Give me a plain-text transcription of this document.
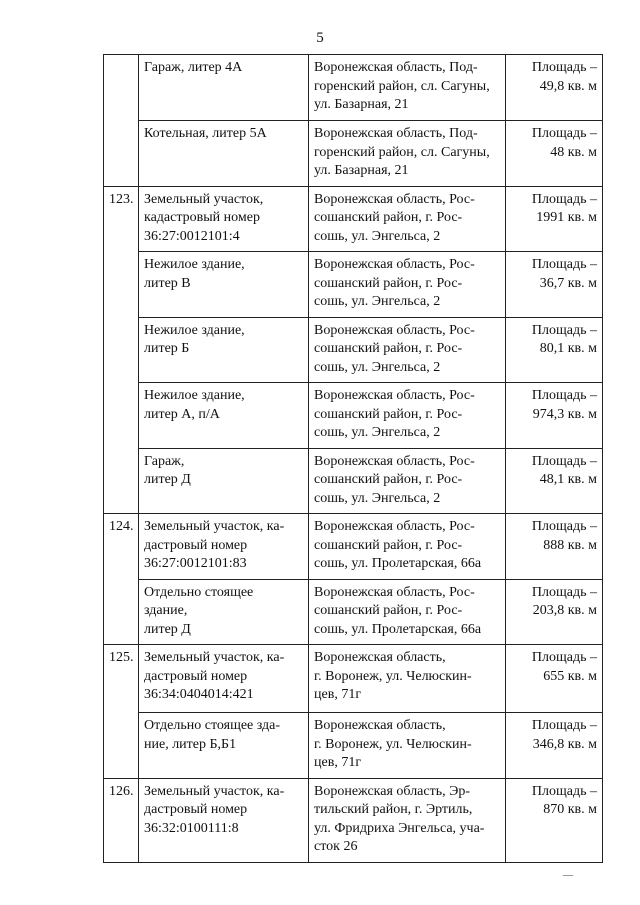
5

	Гараж, литер 4А	Воронежская область, Под-
горенский район, сл. Сагуны,
ул. Базарная, 21	Площадь –
49,8 кв. м

	Котельная, литер 5А	Воронежская область, Под-
горенский район, сл. Сагуны,
ул. Базарная, 21	Площадь –
48 кв. м

123.	Земельный участок,
кадастровый номер
36:27:0012101:4	Воронежская область, Рос-
сошанский район, г. Рос-
сошь, ул. Энгельса, 2	Площадь –
1991 кв. м

	Нежилое здание,
литер В	Воронежская область, Рос-
сошанский район, г. Рос-
сошь, ул. Энгельса, 2	Площадь –
36,7 кв. м

	Нежилое здание,
литер Б	Воронежская область, Рос-
сошанский район, г. Рос-
сошь, ул. Энгельса, 2	Площадь –
80,1 кв. м

	Нежилое здание,
литер А, п/А	Воронежская область, Рос-
сошанский район, г. Рос-
сошь, ул. Энгельса, 2	Площадь –
974,3 кв. м

	Гараж,
литер Д	Воронежская область, Рос-
сошанский район, г. Рос-
сошь, ул. Энгельса, 2	Площадь –
48,1 кв. м

124.	Земельный участок, ка-
дастровый номер
36:27:0012101:83	Воронежская область, Рос-
сошанский район, г. Рос-
сошь, ул. Пролетарская, 66а	Площадь –
888 кв. м

	Отдельно стоящее
здание,
литер Д	Воронежская область, Рос-
сошанский район, г. Рос-
сошь, ул. Пролетарская, 66а	Площадь –
203,8 кв. м

125.	Земельный участок, ка-
дастровый номер
36:34:0404014:421	Воронежская область,
г. Воронеж, ул. Челюскин-
цев, 71г	Площадь –
655 кв. м

	Отдельно стоящее зда-
ние, литер Б,Б1	Воронежская область,
г. Воронеж, ул. Челюскин-
цев, 71г	Площадь –
346,8 кв. м

126.	Земельный участок, ка-
дастровый номер
36:32:0100111:8	Воронежская область, Эр-
тильский район, г. Эртиль,
ул. Фридриха Энгельса, уча-
сток 26	Площадь –
870 кв. м
